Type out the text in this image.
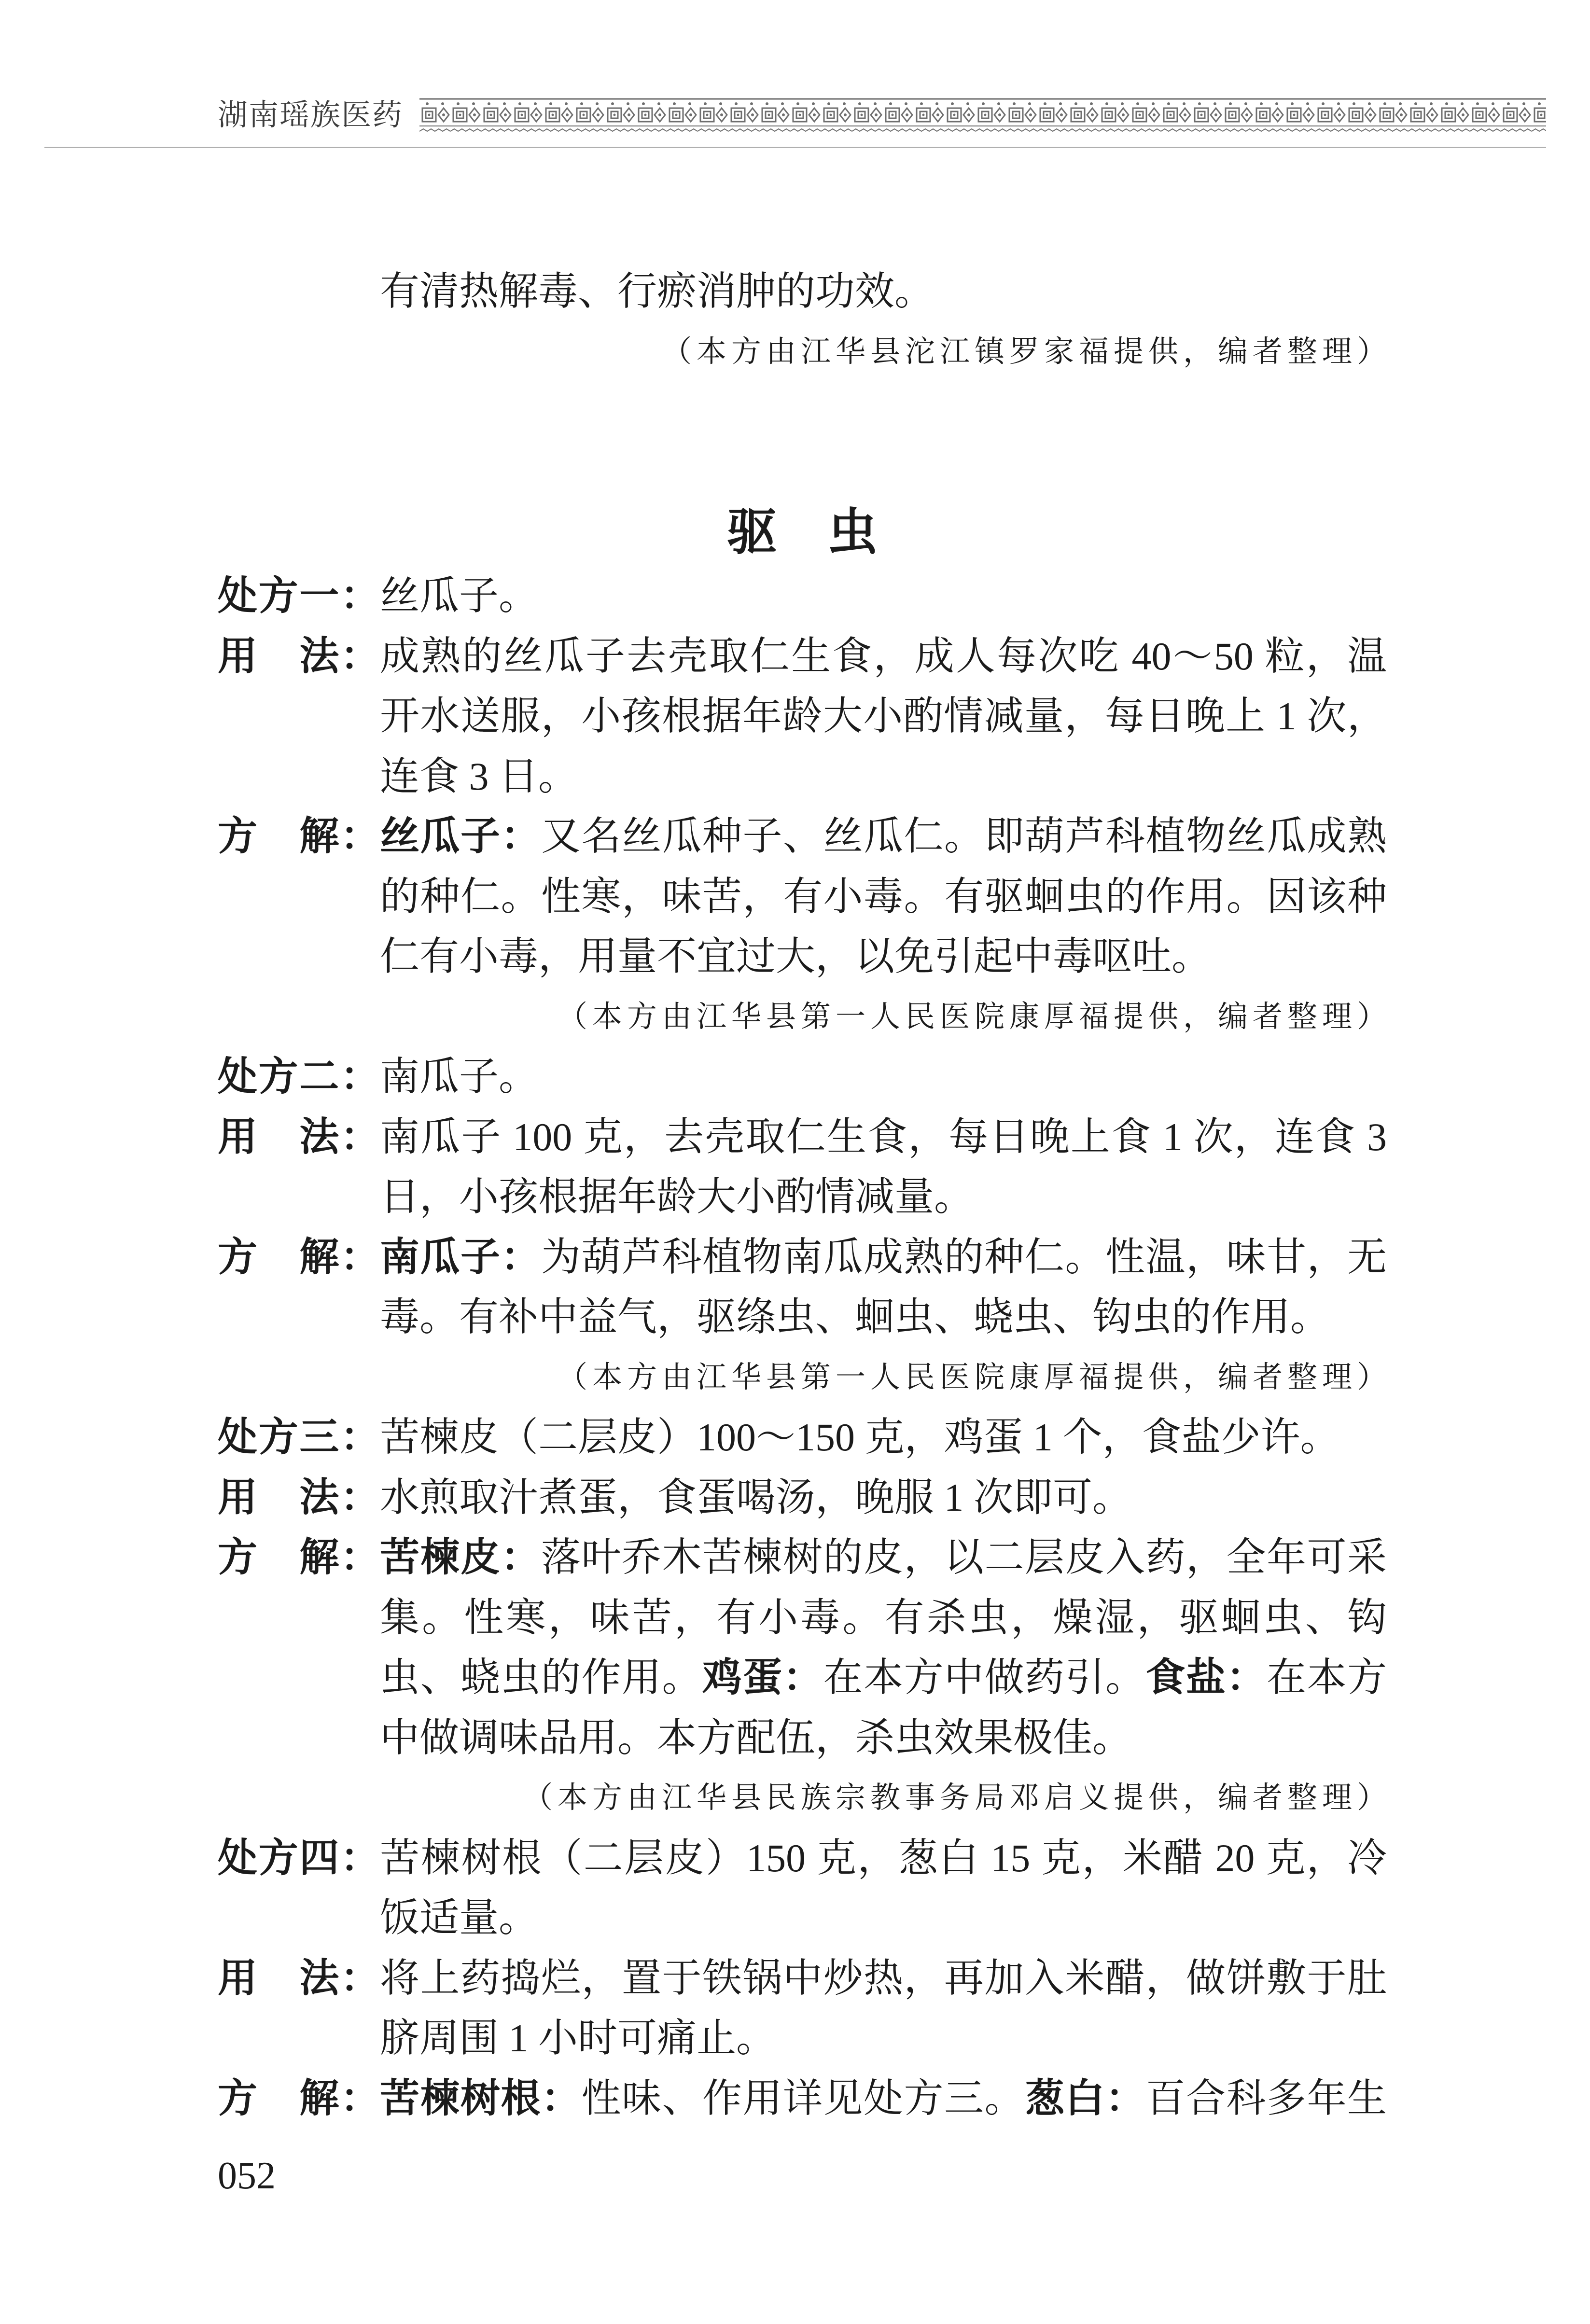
湖南瑶族医药
有清热解毒、行瘀消肿的功效。
（本方由江华县沱江镇罗家福提供，编者整理）
驱　虫
处方一： 丝瓜子。
用　法： 成熟的丝瓜子去壳取仁生食，成人每次吃 40～50 粒，温
开水送服，小孩根据年龄大小酌情减量，每日晚上 1 次，
连食 3 日。
方　解： 丝瓜子：又名丝瓜种子、丝瓜仁。即葫芦科植物丝瓜成熟
的种仁。性寒，味苦，有小毒。有驱蛔虫的作用。因该种
仁有小毒，用量不宜过大，以免引起中毒呕吐。
（本方由江华县第一人民医院康厚福提供，编者整理）
处方二： 南瓜子。
用　法： 南瓜子 100 克，去壳取仁生食，每日晚上食 1 次，连食 3
日，小孩根据年龄大小酌情减量。
方　解： 南瓜子：为葫芦科植物南瓜成熟的种仁。性温，味甘，无
毒。有补中益气，驱绦虫、蛔虫、蛲虫、钩虫的作用。
（本方由江华县第一人民医院康厚福提供，编者整理）
处方三： 苦楝皮（二层皮）100～150 克，鸡蛋 1 个，食盐少许。
用　法： 水煎取汁煮蛋，食蛋喝汤，晚服 1 次即可。
方　解： 苦楝皮：落叶乔木苦楝树的皮，以二层皮入药，全年可采
集。性寒，味苦，有小毒。有杀虫，燥湿，驱蛔虫、钩
虫、蛲虫的作用。鸡蛋：在本方中做药引。食盐：在本方
中做调味品用。本方配伍，杀虫效果极佳。
（本方由江华县民族宗教事务局邓启义提供，编者整理）
处方四： 苦楝树根（二层皮）150 克，葱白 15 克，米醋 20 克，冷
饭适量。
用　法： 将上药捣烂，置于铁锅中炒热，再加入米醋，做饼敷于肚
脐周围 1 小时可痛止。
方　解： 苦楝树根：性味、作用详见处方三。葱白：百合科多年生
052
